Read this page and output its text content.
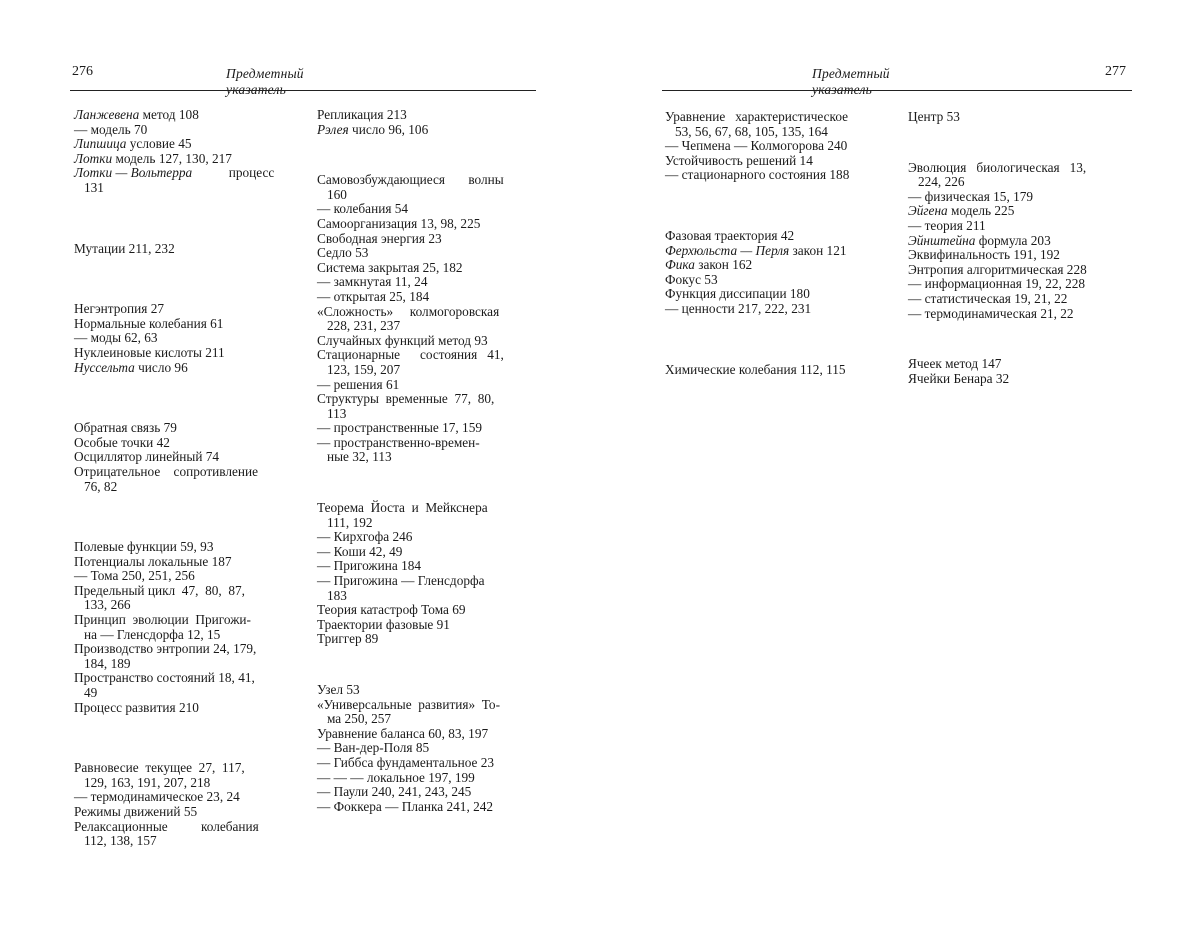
276	Предметный указатель
Ланжевена метод 108
— модель 70
Липшица условие 45
Лотки модель 127, 130, 217
Лотки — Вольтерра           процесс
131
Мутации 211, 232
Негэнтропия 27
Нормальные колебания 61
— моды 62, 63
Нуклеиновые кислоты 211
Нуссельта число 96
Обратная связь 79
Особые точки 42
Осциллятор линейный 74
Отрицательное    сопротивление
76, 82
Полевые функции 59, 93
Потенциалы локальные 187
— Тома 250, 251, 256
Предельный цикл  47,  80,  87,
133, 266
Принцип  эволюции  Пригожи-
на — Гленсдорфа 12, 15
Производство энтропии 24, 179,
184, 189
Пространство состояний 18, 41,
49
Процесс развития 210
Равновесие  текущее  27,  117,
129, 163, 191, 207, 218
— термодинамическое 23, 24
Режимы движений 55
Релаксационные          колебания
112, 138, 157
Репликация 213
Рэлея число 96, 106
Самовозбуждающиеся       волны
160
— колебания 54
Самоорганизация 13, 98, 225
Свободная энергия 23
Седло 53
Система закрытая 25, 182
— замкнутая 11, 24
— открытая 25, 184
«Сложность»     колмогоровская
228, 231, 237
Случайных функций метод 93
Стационарные      состояния   41,
123, 159, 207
— решения 61
Структуры  временные  77,  80,
113
— пространственные 17, 159
— пространственно-времен-
ные 32, 113
Теорема  Йоста  и  Мейкснера
111, 192
— Кирхгофа 246
— Коши 42, 49
— Пригожина 184
— Пригожина — Гленсдорфа
183
Теория катастроф Тома 69
Траектории фазовые 91
Триггер 89
Узел 53
«Универсальные  развития»  То-
ма 250, 257
Уравнение баланса 60, 83, 197
— Ван-дер-Поля 85
— Гиббса фундаментальное 23
— — — локальное 197, 199
— Паули 240, 241, 243, 245
— Фоккера — Планка 241, 242
Предметный указатель
277
Уравнение   характеристическое
53, 56, 67, 68, 105, 135, 164
— Чепмена — Колмогорова 240
Устойчивость решений 14
— стационарного состояния 188
Фазовая траектория 42
Ферхюльста — Перля закон 121
Фика закон 162
Фокус 53
Функция диссипации 180
— ценности 217, 222, 231
Химические колебания 112, 115
Центр 53
Эволюция   биологическая   13,
224, 226
— физическая 15, 179
Эйгена модель 225
— теория 211
Эйнштейна формула 203
Эквифинальность 191, 192
Энтропия алгоритмическая 228
— информационная 19, 22, 228
— статистическая 19, 21, 22
— термодинамическая 21, 22
Ячеек метод 147
Ячейки Бенара 32
